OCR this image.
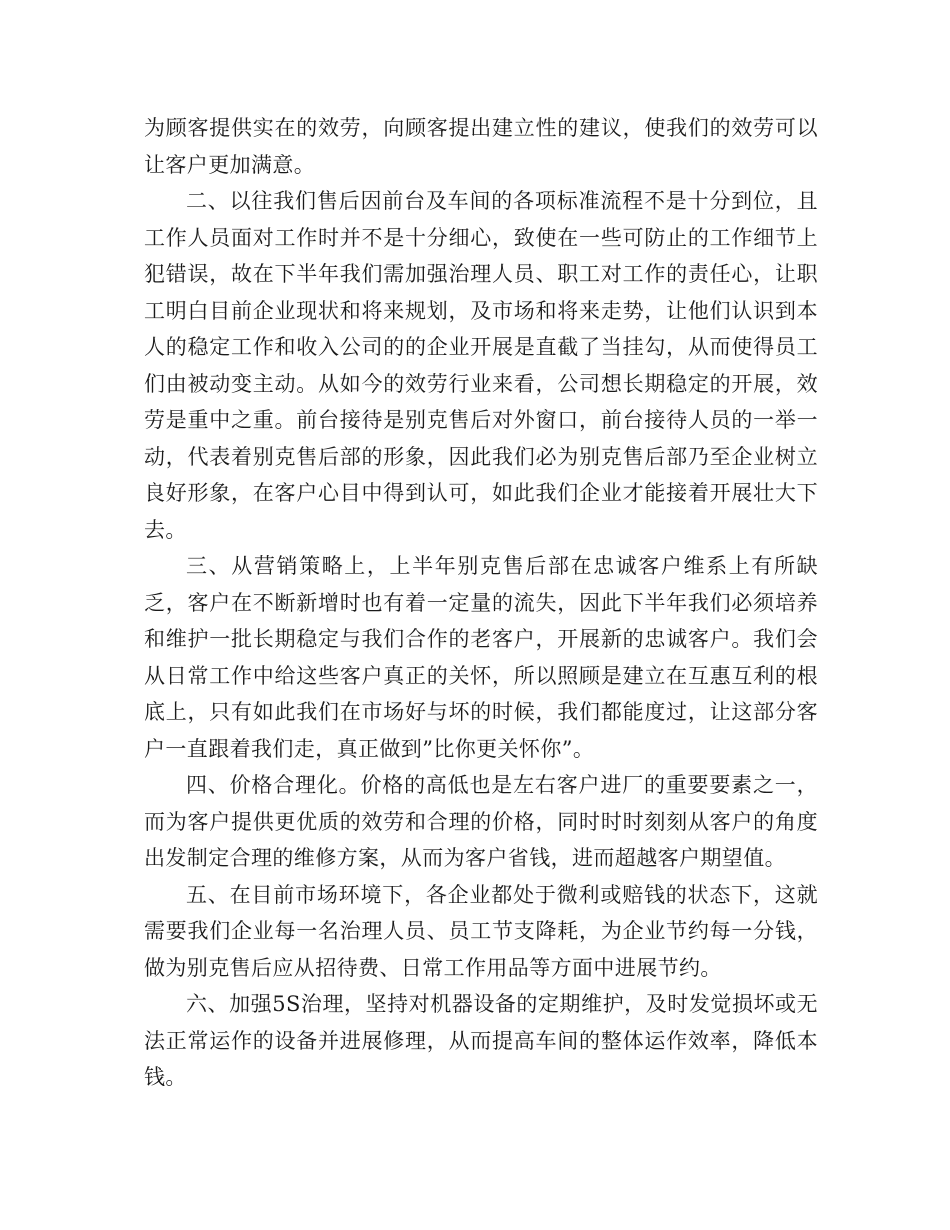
为顾客提供实在的效劳，向顾客提出建立性的建议，使我们的效劳可以让客户更加满意。

二、以往我们售后因前台及车间的各项标准流程不是十分到位，且工作人员面对工作时并不是十分细心，致使在一些可防止的工作细节上犯错误，故在下半年我们需加强治理人员、职工对工作的责任心，让职工明白目前企业现状和将来规划，及市场和将来走势，让他们认识到本人的稳定工作和收入公司的的企业开展是直截了当挂勾，从而使得员工们由被动变主动。从如今的效劳行业来看，公司想长期稳定的开展，效劳是重中之重。前台接待是别克售后对外窗口，前台接待人员的一举一动，代表着别克售后部的形象，因此我们必为别克售后部乃至企业树立良好形象，在客户心目中得到认可，如此我们企业才能接着开展壮大下去。

三、从营销策略上，上半年别克售后部在忠诚客户维系上有所缺乏，客户在不断新增时也有着一定量的流失，因此下半年我们必须培养和维护一批长期稳定与我们合作的老客户，开展新的忠诚客户。我们会从日常工作中给这些客户真正的关怀，所以照顾是建立在互惠互利的根底上，只有如此我们在市场好与坏的时候，我们都能度过，让这部分客户一直跟着我们走，真正做到”比你更关怀你”。

四、价格合理化。价格的高低也是左右客户进厂的重要要素之一，而为客户提供更优质的效劳和合理的价格，同时时时刻刻从客户的角度出发制定合理的维修方案，从而为客户省钱，进而超越客户期望值。

五、在目前市场环境下，各企业都处于微利或赔钱的状态下，这就需要我们企业每一名治理人员、员工节支降耗，为企业节约每一分钱，做为别克售后应从招待费、日常工作用品等方面中进展节约。

六、加强5S治理，坚持对机器设备的定期维护，及时发觉损坏或无法正常运作的设备并进展修理，从而提高车间的整体运作效率，降低本钱。
